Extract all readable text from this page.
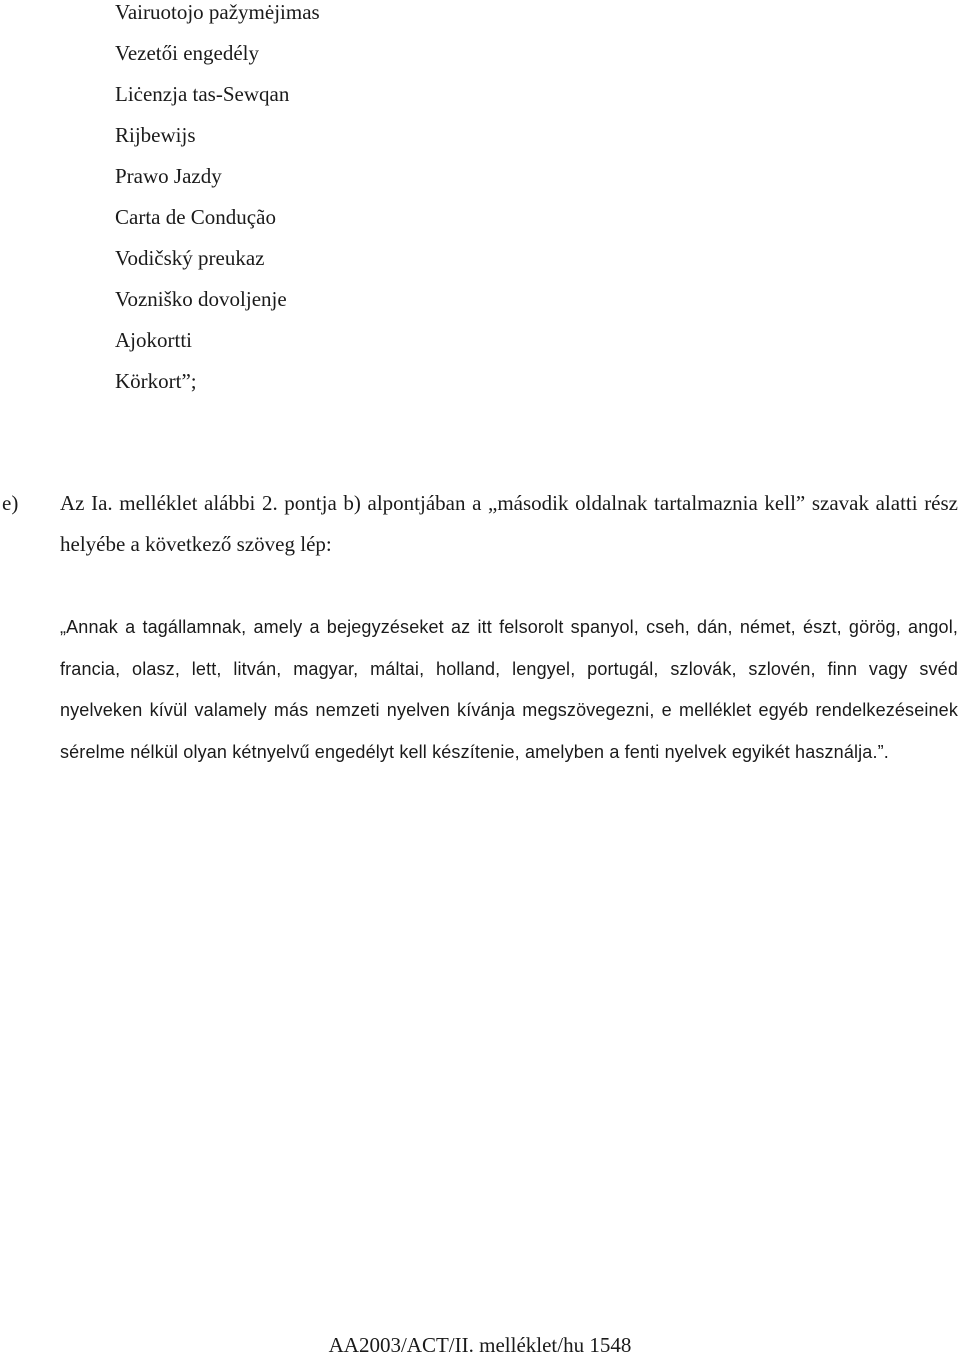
Vairuotojo pažymėjimas
Vezetői engedély
Liċenzja tas-Sewqan
Rijbewijs
Prawo Jazdy
Carta de Condução
Vodičský preukaz
Vozniško dovoljenje
Ajokortti
Körkort”;
e) Az Ia. melléklet alábbi 2. pontja b) alpontjában a „második oldalnak tartalmaznia kell” szavak alatti rész helyébe a következő szöveg lép:
„Annak a tagállamnak, amely a bejegyzéseket az itt felsorolt spanyol, cseh, dán, német, észt, görög, angol, francia, olasz, lett, litván, magyar, máltai, holland, lengyel, portugál, szlovák, szlovén, finn vagy svéd nyelveken kívül valamely más nemzeti nyelven kívánja megszövegezni, e melléklet egyéb rendelkezéseinek sérelme nélkül olyan kétnyelvű engedélyt kell készítenie, amelyben a fenti nyelvek egyikét használja.”.
AA2003/ACT/II. melléklet/hu 1548
